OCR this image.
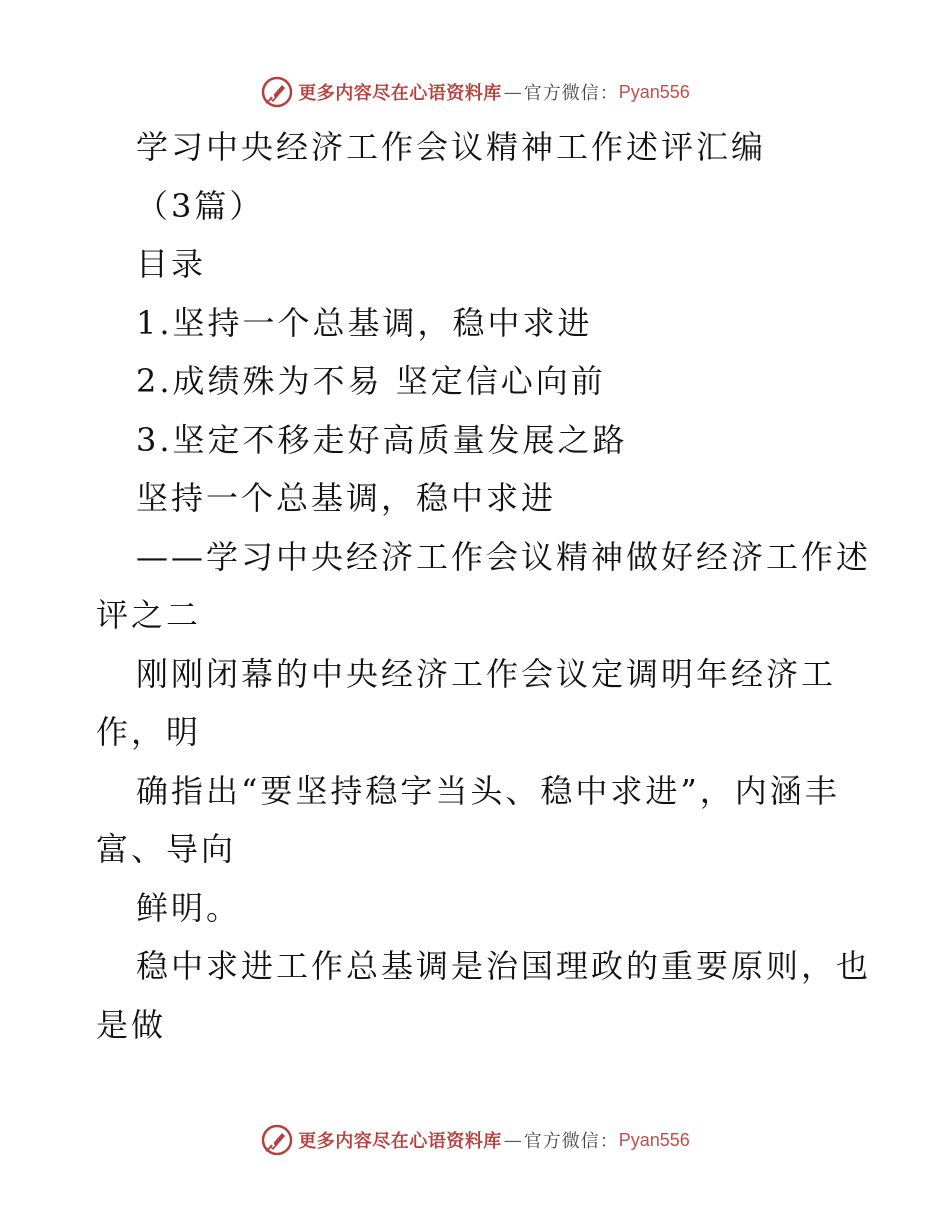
更多内容尽在心语资料库 — 官方微信： Pyan556

学习中央经济工作会议精神工作述评汇编

（3篇）

目录

1.坚持一个总基调，稳中求进

2.成绩殊为不易 坚定信心向前

3.坚定不移走好高质量发展之路

坚持一个总基调，稳中求进

——学习中央经济工作会议精神做好经济工作述

评之二

刚刚闭幕的中央经济工作会议定调明年经济工

作，明

确指出“要坚持稳字当头、稳中求进”，内涵丰

富、导向

鲜明。

稳中求进工作总基调是治国理政的重要原则，也

是做

更多内容尽在心语资料库 — 官方微信： Pyan556
